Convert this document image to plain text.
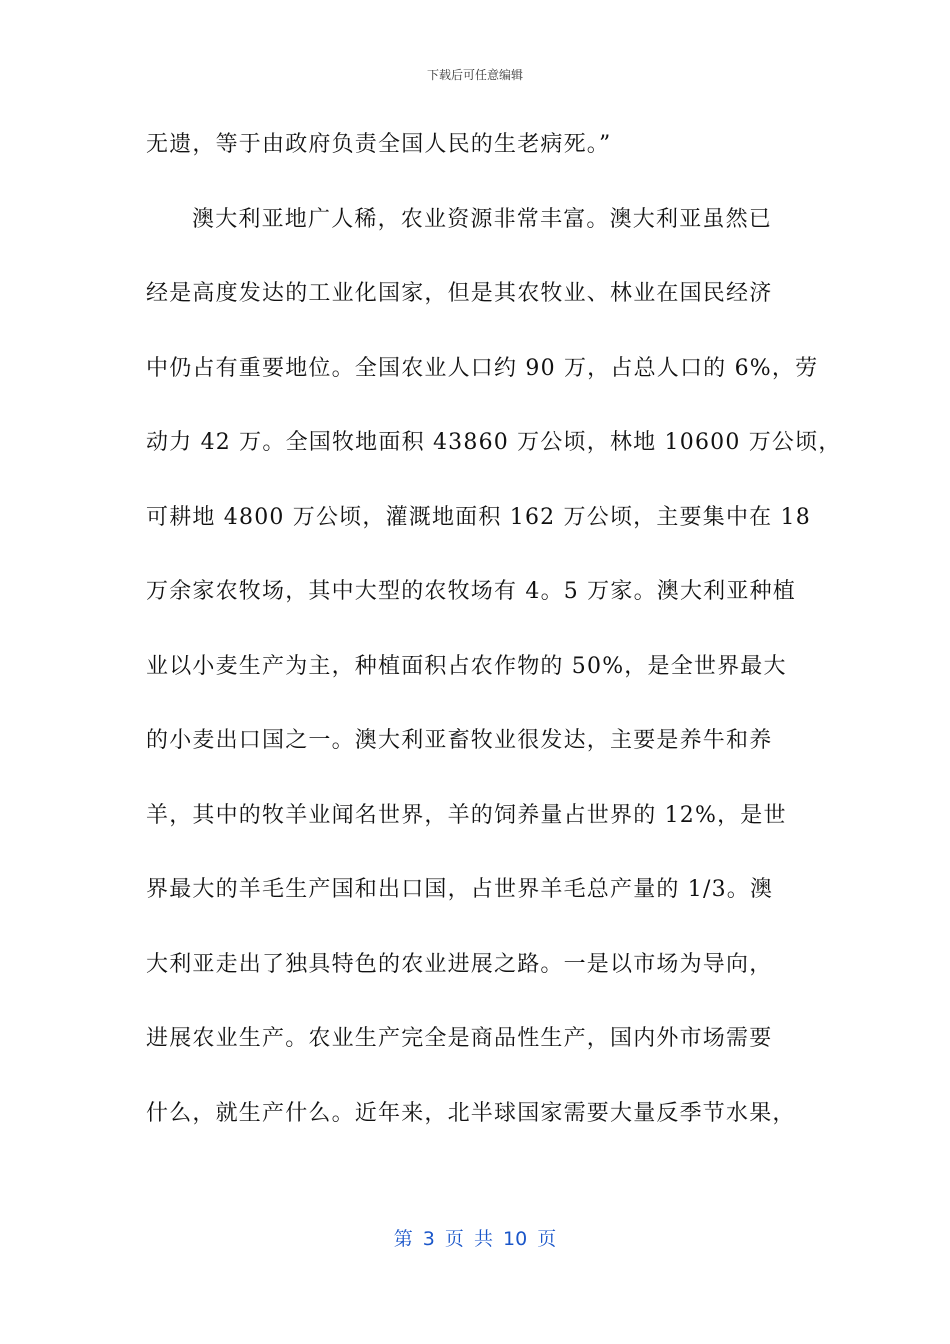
下载后可任意编辑
无遗，等于由政府负责全国人民的生老病死。”
澳大利亚地广人稀，农业资源非常丰富。澳大利亚虽然已
经是高度发达的工业化国家，但是其农牧业、林业在国民经济
中仍占有重要地位。全国农业人口约 90 万，占总人口的 6%，劳
动力 42 万。全国牧地面积 43860 万公顷，林地 10600 万公顷，
可耕地 4800 万公顷，灌溉地面积 162 万公顷，主要集中在 18
万余家农牧场，其中大型的农牧场有 4。5 万家。澳大利亚种植
业以小麦生产为主，种植面积占农作物的 50%，是全世界最大
的小麦出口国之一。澳大利亚畜牧业很发达，主要是养牛和养
羊，其中的牧羊业闻名世界，羊的饲养量占世界的 12%，是世
界最大的羊毛生产国和出口国，占世界羊毛总产量的 1/3。澳
大利亚走出了独具特色的农业进展之路。一是以市场为导向，
进展农业生产。农业生产完全是商品性生产，国内外市场需要
什么，就生产什么。近年来，北半球国家需要大量反季节水果，
第 3 页 共 10 页
